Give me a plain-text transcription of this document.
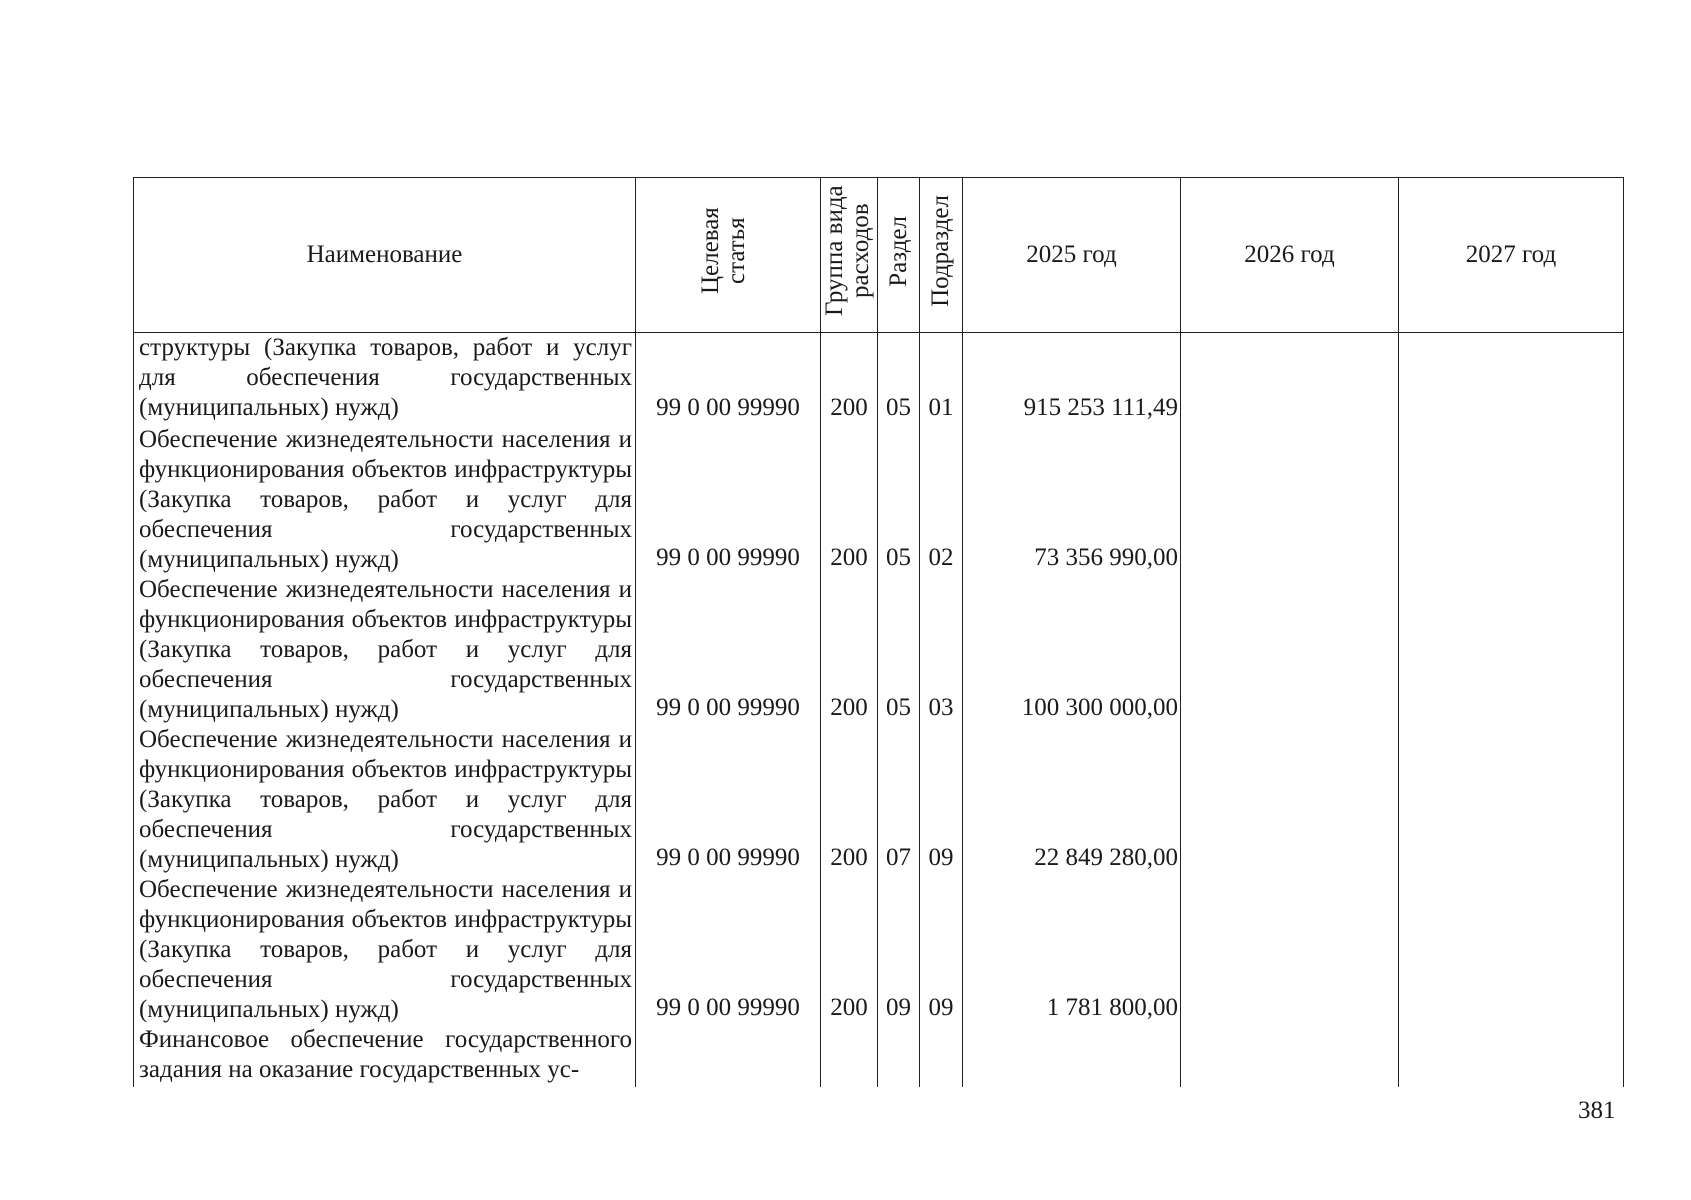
Наименование	Целевая статья	Группа вида расходов	Раздел	Подраздел	2025 год	2026 год	2027 год

структуры (Закупка товаров, работ и услуг для обеспечения государственных (муниципальных) нужд)	99 0 00 99990	200	05	01	915 253 111,49		

Обеспечение жизнедеятельности населения и функционирования объектов инфраструктуры (Закупка товаров, работ и услуг для обеспечения государственных (муниципальных) нужд)	99 0 00 99990	200	05	02	73 356 990,00		

Обеспечение жизнедеятельности населения и функционирования объектов инфраструктуры (Закупка товаров, работ и услуг для обеспечения государственных (муниципальных) нужд)	99 0 00 99990	200	05	03	100 300 000,00		

Обеспечение жизнедеятельности населения и функционирования объектов инфраструктуры (Закупка товаров, работ и услуг для обеспечения государственных (муниципальных) нужд)	99 0 00 99990	200	07	09	22 849 280,00		

Обеспечение жизнедеятельности населения и функционирования объектов инфраструктуры (Закупка товаров, работ и услуг для обеспечения государственных (муниципальных) нужд)	99 0 00 99990	200	09	09	1 781 800,00		

Финансовое обеспечение государственного задания на оказание государственных ус-							

381
